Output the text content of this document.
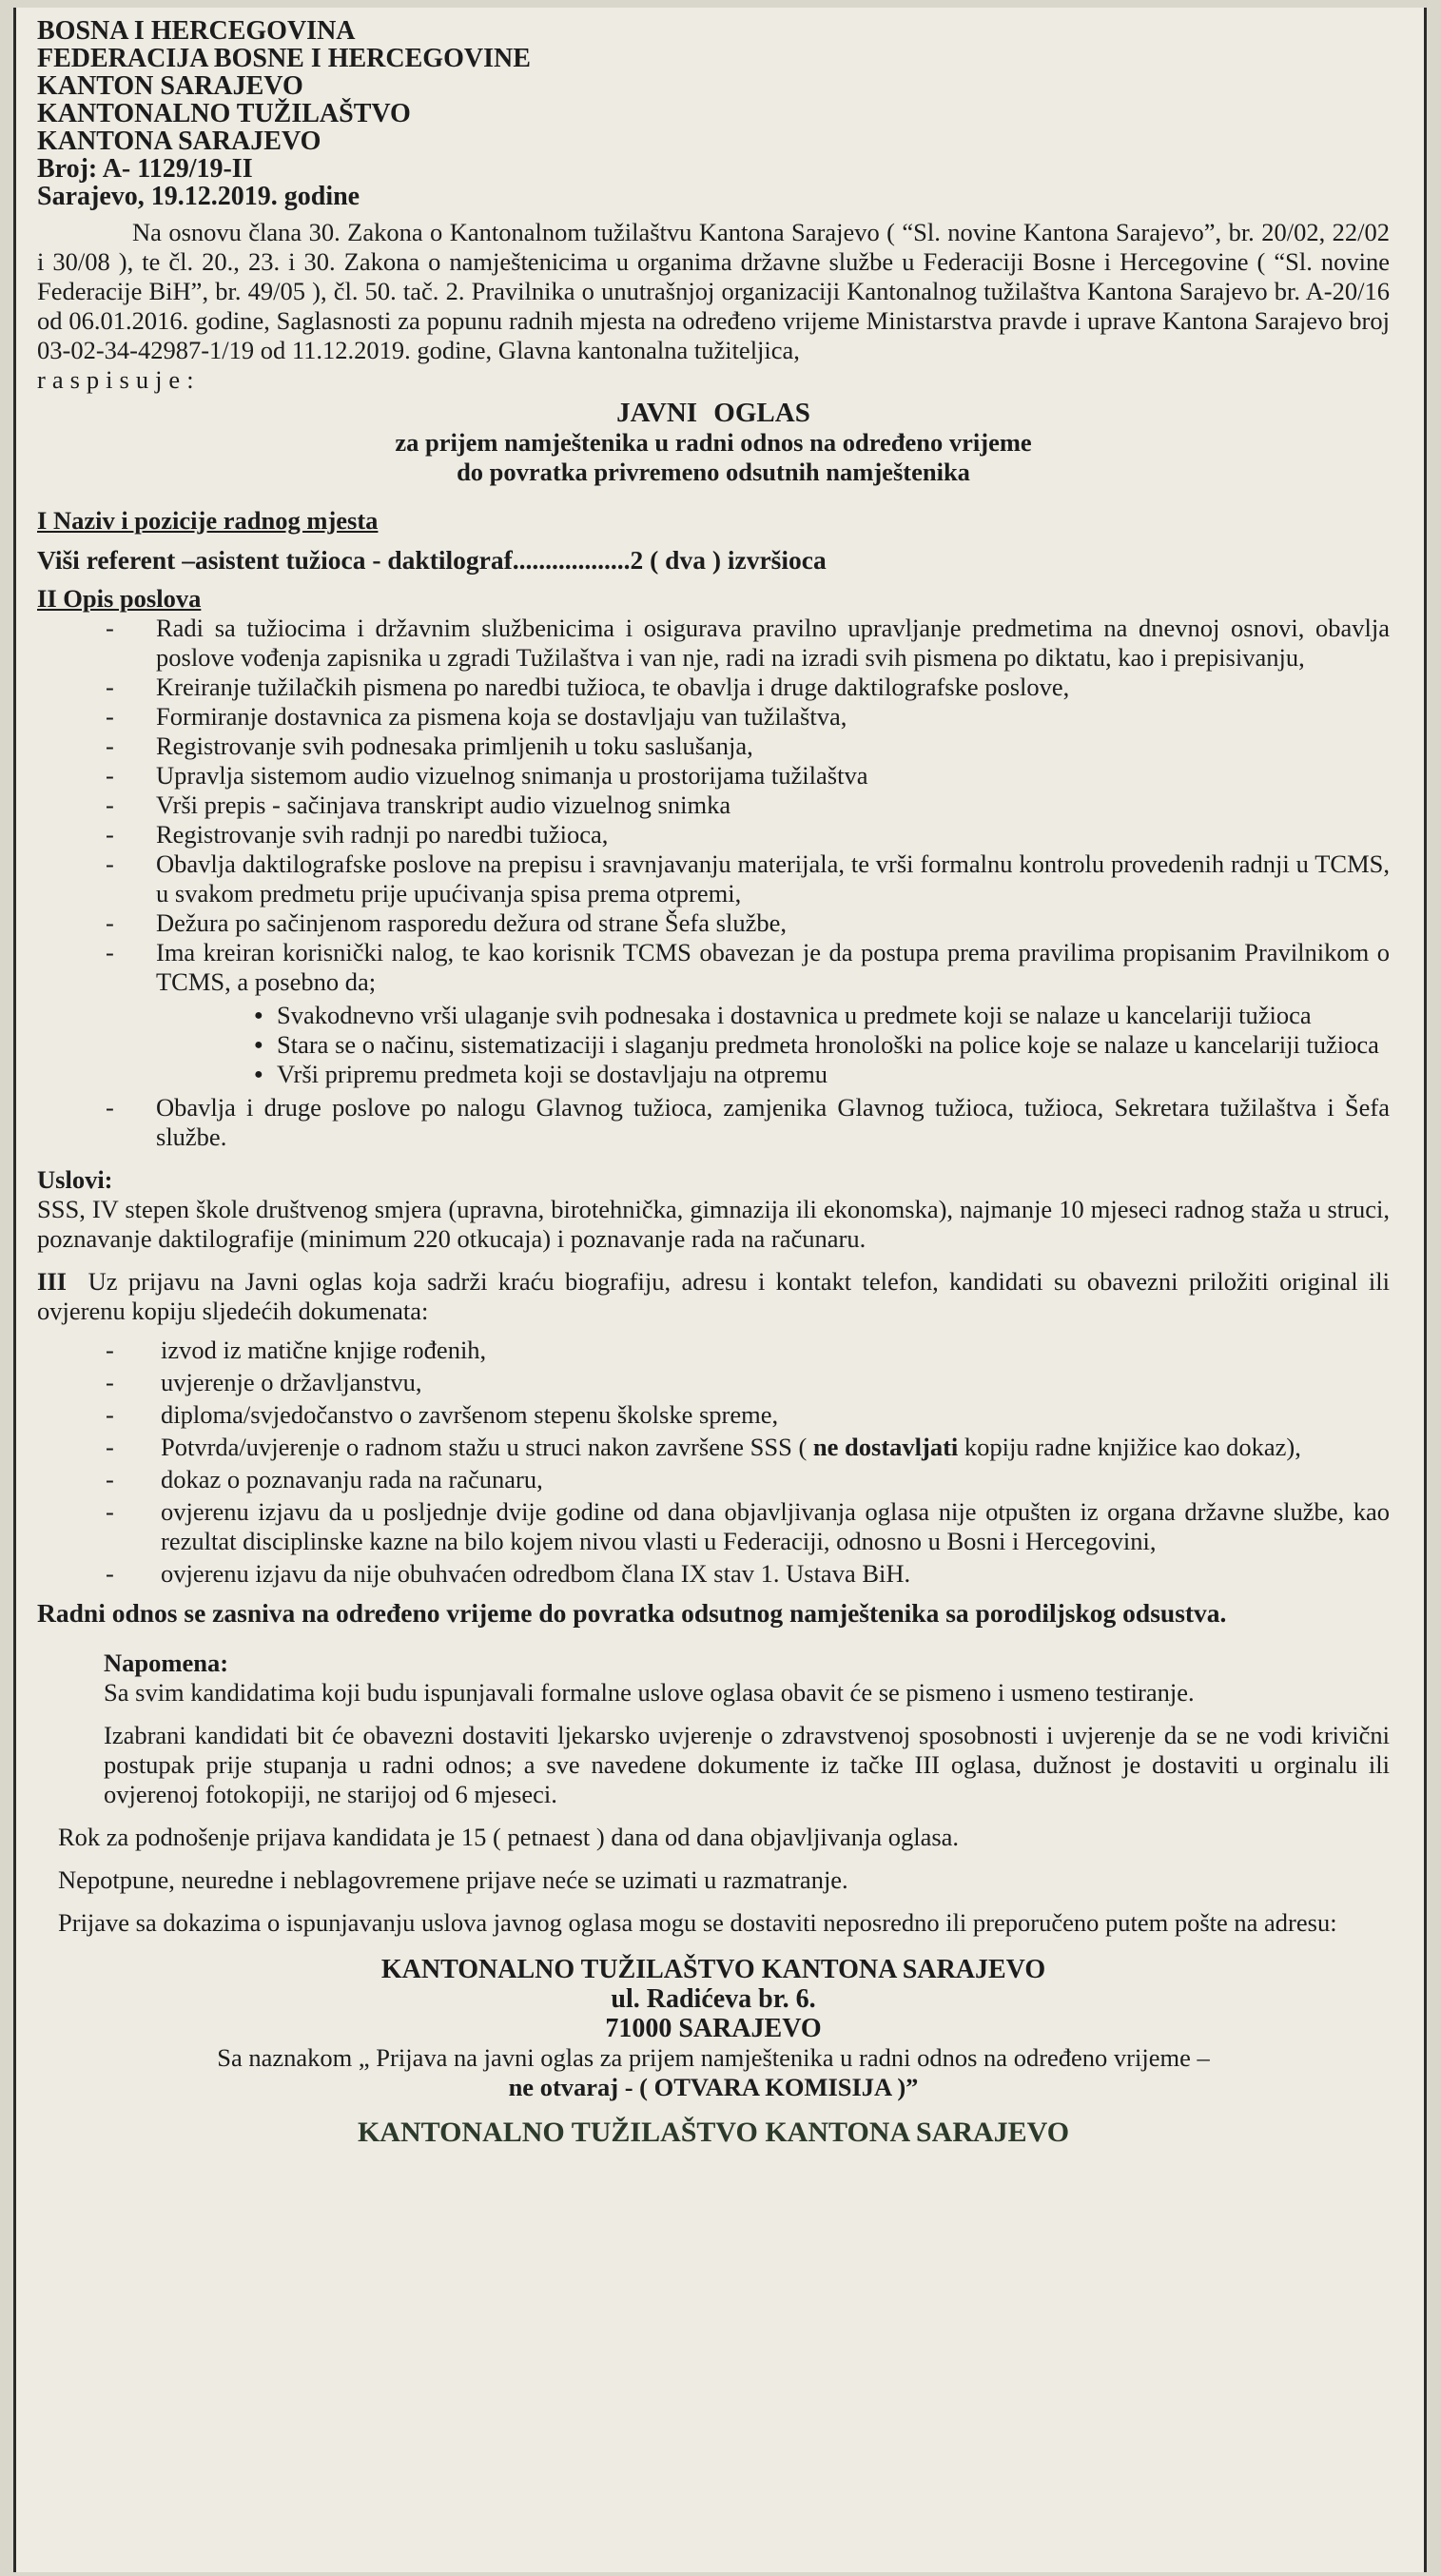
BOSNA I HERCEGOVINA
FEDERACIJA BOSNE I HERCEGOVINE
KANTON SARAJEVO
KANTONALNO TUŽILAŠTVO
KANTONA SARAJEVO
Broj: A- 1129/19-II
Sarajevo, 19.12.2019. godine

Na osnovu člana 30. Zakona o Kantonalnom tužilaštvu Kantona Sarajevo ( “Sl. novine Kantona Sarajevo”, br. 20/02, 22/02 i 30/08 ), te čl. 20., 23. i 30. Zakona o namještenicima u organima državne službe u Federaciji Bosne i Hercegovine ( “Sl. novine Federacije BiH”, br. 49/05 ), čl. 50. tač. 2. Pravilnika o unutrašnjoj organizaciji Kantonalnog tužilaštva Kantona Sarajevo br. A-20/16 od 06.01.2016. godine, Saglasnosti za popunu radnih mjesta na određeno vrijeme Ministarstva pravde i uprave Kantona Sarajevo broj 03-02-34-42987-1/19 od 11.12.2019. godine, Glavna kantonalna tužiteljica,

raspisuje:

JAVNI OGLAS
za prijem namještenika u radni odnos na određeno vrijeme
do povratka privremeno odsutnih namještenika
I Naziv i pozicije radnog mjesta

Viši referent –asistent tužioca - daktilograf..................2 ( dva ) izvršioca

II Opis poslova
- Radi sa tužiocima i državnim službenicima i osigurava pravilno upravljanje predmetima na dnevnoj osnovi, obavlja poslove vođenja zapisnika u zgradi Tužilaštva i van nje, radi na izradi svih pismena po diktatu, kao i prepisivanju,
- Kreiranje tužilačkih pismena po naredbi tužioca, te obavlja i druge daktilografske poslove,
- Formiranje dostavnica za pismena koja se dostavljaju van tužilaštva,
- Registrovanje svih podnesaka primljenih u toku saslušanja,
- Upravlja sistemom audio vizuelnog snimanja u prostorijama tužilaštva
- Vrši prepis - sačinjava transkript audio vizuelnog snimka
- Registrovanje svih radnji po naredbi tužioca,
- Obavlja daktilografske poslove na prepisu i sravnjavanju materijala, te vrši formalnu kontrolu provedenih radnji u TCMS, u svakom predmetu prije upućivanja spisa prema otpremi,
- Dežura po sačinjenom rasporedu dežura od strane Šefa službe,
- Ima kreiran korisnički nalog, te kao korisnik TCMS obavezan je da postupa prema pravilima propisanim Pravilnikom o TCMS, a posebno da;
● Svakodnevno vrši ulaganje svih podnesaka i dostavnica u predmete koji se nalaze u kancelariji tužioca
● Stara se o načinu, sistematizaciji i slaganju predmeta hronološki na police koje se nalaze u kancelariji tužioca
● Vrši pripremu predmeta koji se dostavljaju na otpremu
- Obavlja i druge poslove po nalogu Glavnog tužioca, zamjenika Glavnog tužioca, tužioca, Sekretara tužilaštva i Šefa službe.
Uslovi:

SSS, IV stepen škole društvenog smjera (upravna, birotehnička, gimnazija ili ekonomska), najmanje 10 mjeseci radnog staža u struci, poznavanje daktilografije (minimum 220 otkucaja) i poznavanje rada na računaru.

III Uz prijavu na Javni oglas koja sadrži kraću biografiju, adresu i kontakt telefon, kandidati su obavezni priložiti original ili ovjerenu kopiju sljedećih dokumenata:

- izvod iz matične knjige rođenih,
- uvjerenje o državljanstvu,
- diploma/svjedočanstvo o završenom stepenu školske spreme,
- Potvrda/uvjerenje o radnom stažu u struci nakon završene SSS ( ne dostavljati kopiju radne knjižice kao dokaz),
- dokaz o poznavanju rada na računaru,
- ovjerenu izjavu da u posljednje dvije godine od dana objavljivanja oglasa nije otpušten iz organa državne službe, kao rezultat disciplinske kazne na bilo kojem nivou vlasti u Federaciji, odnosno u Bosni i Hercegovini,
- ovjerenu izjavu da nije obuhvaćen odredbom člana IX stav 1. Ustava BiH.

Radni odnos se zasniva na određeno vrijeme do povratka odsutnog namještenika sa porodiljskog odsustva.

Napomena:

Sa svim kandidatima koji budu ispunjavali formalne uslove oglasa obavit će se pismeno i usmeno testiranje.

Izabrani kandidati bit će obavezni dostaviti ljekarsko uvjerenje o zdravstvenoj sposobnosti i uvjerenje da se ne vodi krivični postupak prije stupanja u radni odnos; a sve navedene dokumente iz tačke III oglasa, dužnost je dostaviti u orginalu ili ovjerenoj fotokopiji, ne starijoj od 6 mjeseci.

Rok za podnošenje prijava kandidata je 15 ( petnaest ) dana od dana objavljivanja oglasa.

Nepotpune, neuredne i neblagovremene prijave neće se uzimati u razmatranje.

Prijave sa dokazima o ispunjavanju uslova javnog oglasa mogu se dostaviti neposredno ili preporučeno putem pošte na adresu:

KANTONALNO TUŽILAŠTVO KANTONA SARAJEVO
ul. Radićeva br. 6.
71000 SARAJEVO
Sa naznakom „ Prijava na javni oglas za prijem namještenika u radni odnos na određeno vrijeme –
ne otvaraj - ( OTVARA KOMISIJA )”
KANTONALNO TUŽILAŠTVO KANTONA SARAJEVO
